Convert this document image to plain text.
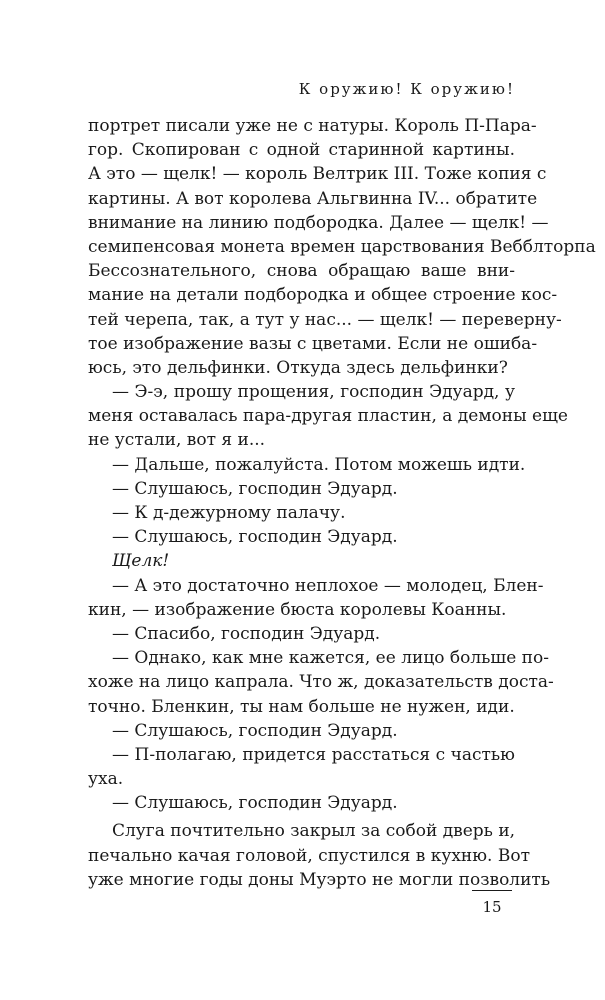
К оружию! К оружию!
портрет писали уже не с натуры. Король П-Пара-
гор. Скопирован с одной старинной картины.
А это — щелк! — король Велтрик III. Тоже копия с
картины. А вот королева Альгвинна IV... обратите
внимание на линию подбородка. Далее — щелк! —
семипенсовая монета времен царствования Вебблторпа
Бессознательного, снова обращаю ваше вни-
мание на детали подбородка и общее строение кос-
тей черепа, так, а тут у нас... — щелк! — переверну-
тое изображение вазы с цветами. Если не ошиба-
юсь, это дельфинки. Откуда здесь дельфинки?
— Э-э, прошу прощения, господин Эдуард, у
меня оставалась пара-другая пластин, а демоны еще
не устали, вот я и...
— Дальше, пожалуйста. Потом можешь идти.
— Слушаюсь, господин Эдуард.
— К д-дежурному палачу.
— Слушаюсь, господин Эдуард.
Щелк!
— А это достаточно неплохое — молодец, Блен-
кин, — изображение бюста королевы Коанны.
— Спасибо, господин Эдуард.
— Однако, как мне кажется, ее лицо больше по-
хоже на лицо капрала. Что ж, доказательств доста-
точно. Бленкин, ты нам больше не нужен, иди.
— Слушаюсь, господин Эдуард.
— П-полагаю, придется расстаться с частью
уха.
— Слушаюсь, господин Эдуард.
Слуга почтительно закрыл за собой дверь и,
печально качая головой, спустился в кухню. Вот
уже многие годы доны Муэрто не могли позволить
15
